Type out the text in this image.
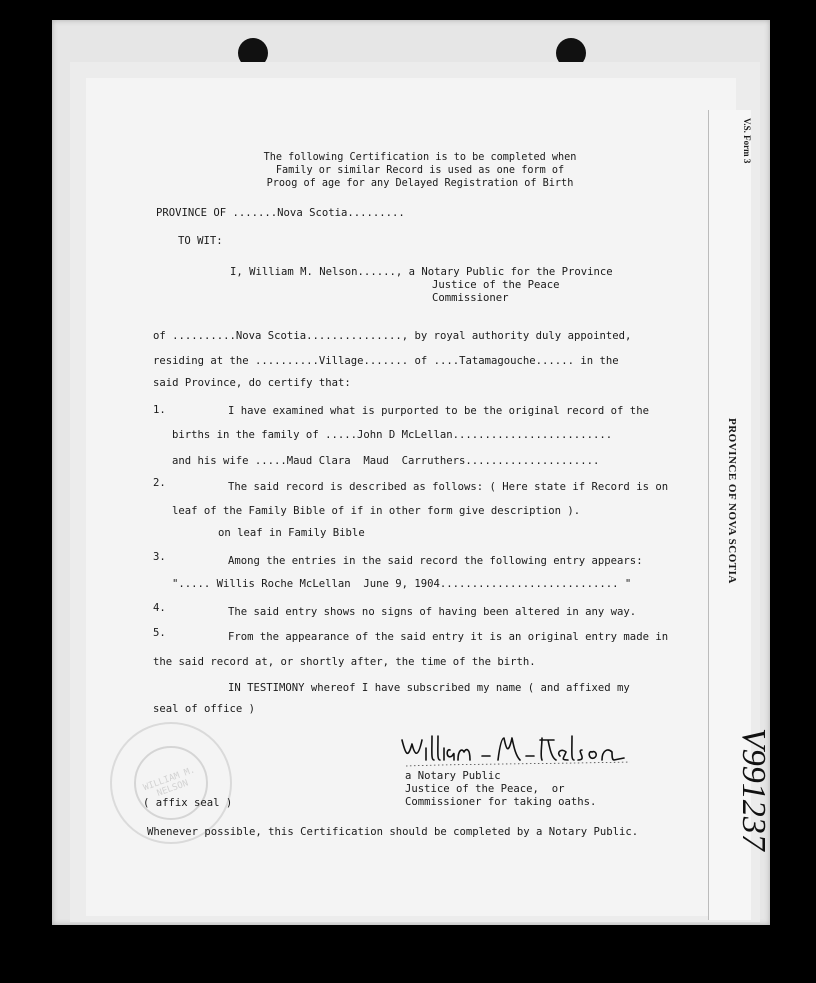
V.S. Form 3
PROVINCE OF NOVA SCOTIA
V991237
The following Certification is to be completed when
Family or similar Record is used as one form of
Proog of age for any Delayed Registration of Birth
PROVINCE OF .......Nova Scotia.........
TO WIT:
I, William M. Nelson......, a Notary Public for the Province
Justice of the Peace
Commissioner
of ..........Nova Scotia..............., by royal authority duly appointed,
residing at the ..........Village....... of ....Tatamagouche...... in the
said Province, do certify that:
1.	I have examined what is purported to be the original record of the
births in the family of .....John D McLellan.........................
and his wife .....Maud Clara  Maud  Carruthers.....................
2.	The said record is described as follows: ( Here state if Record is on
leaf of the Family Bible of if in other form give description ).
on leaf in Family Bible
3.	Among the entries in the said record the following entry appears:
"..... Willis Roche McLellan  June 9, 1904............................ "
4.	The said entry shows no signs of having been altered in any way.
5.	From the appearance of the said entry it is an original entry made in
the said record at, or shortly after, the time of the birth.
IN TESTIMONY whereof I have subscribed my name ( and affixed my
seal of office )
WILLIAM M. NELSON
a Notary Public
Justice of the Peace,  or
Commissioner for taking oaths.
( affix seal )
Whenever possible, this Certification should be completed by a Notary Public.
